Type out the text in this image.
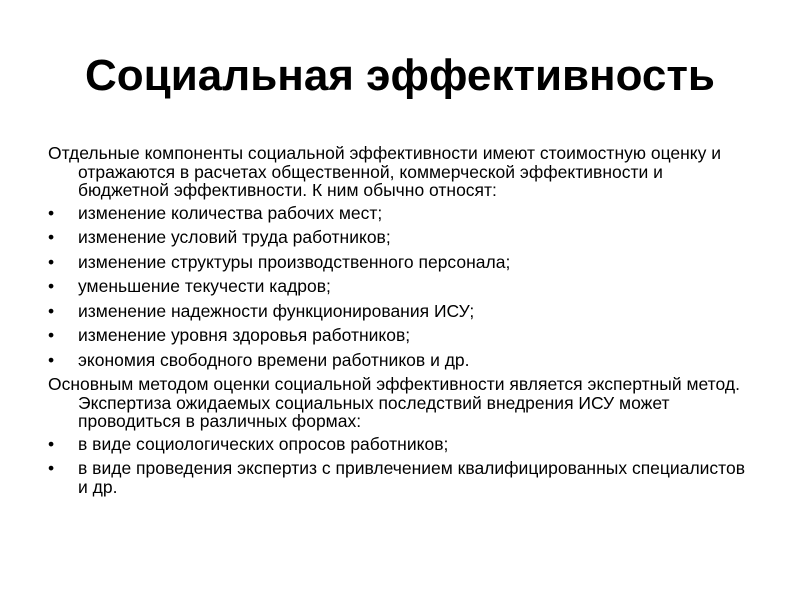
Социальная эффективность

Отдельные компоненты социальной эффективности имеют стоимостную оценку и отражаются в расчетах общественной, коммерческой эффективности и бюджетной эффективности. К ним обычно относят:

•	изменение количества рабочих мест;
•	изменение условий труда работников;
•	изменение структуры производственного персонала;
•	уменьшение текучести кадров;
•	изменение надежности функционирования ИСУ;
•	изменение уровня здоровья работников;
•	экономия свободного времени работников и др.

Основным методом оценки социальной эффективности является экспертный метод. Экспертиза ожидаемых социальных последствий внедрения ИСУ может проводиться в различных формах:

•	в виде социологических опросов работников;
•	в виде проведения экспертиз с привлечением квалифицированных специалистов и др.
